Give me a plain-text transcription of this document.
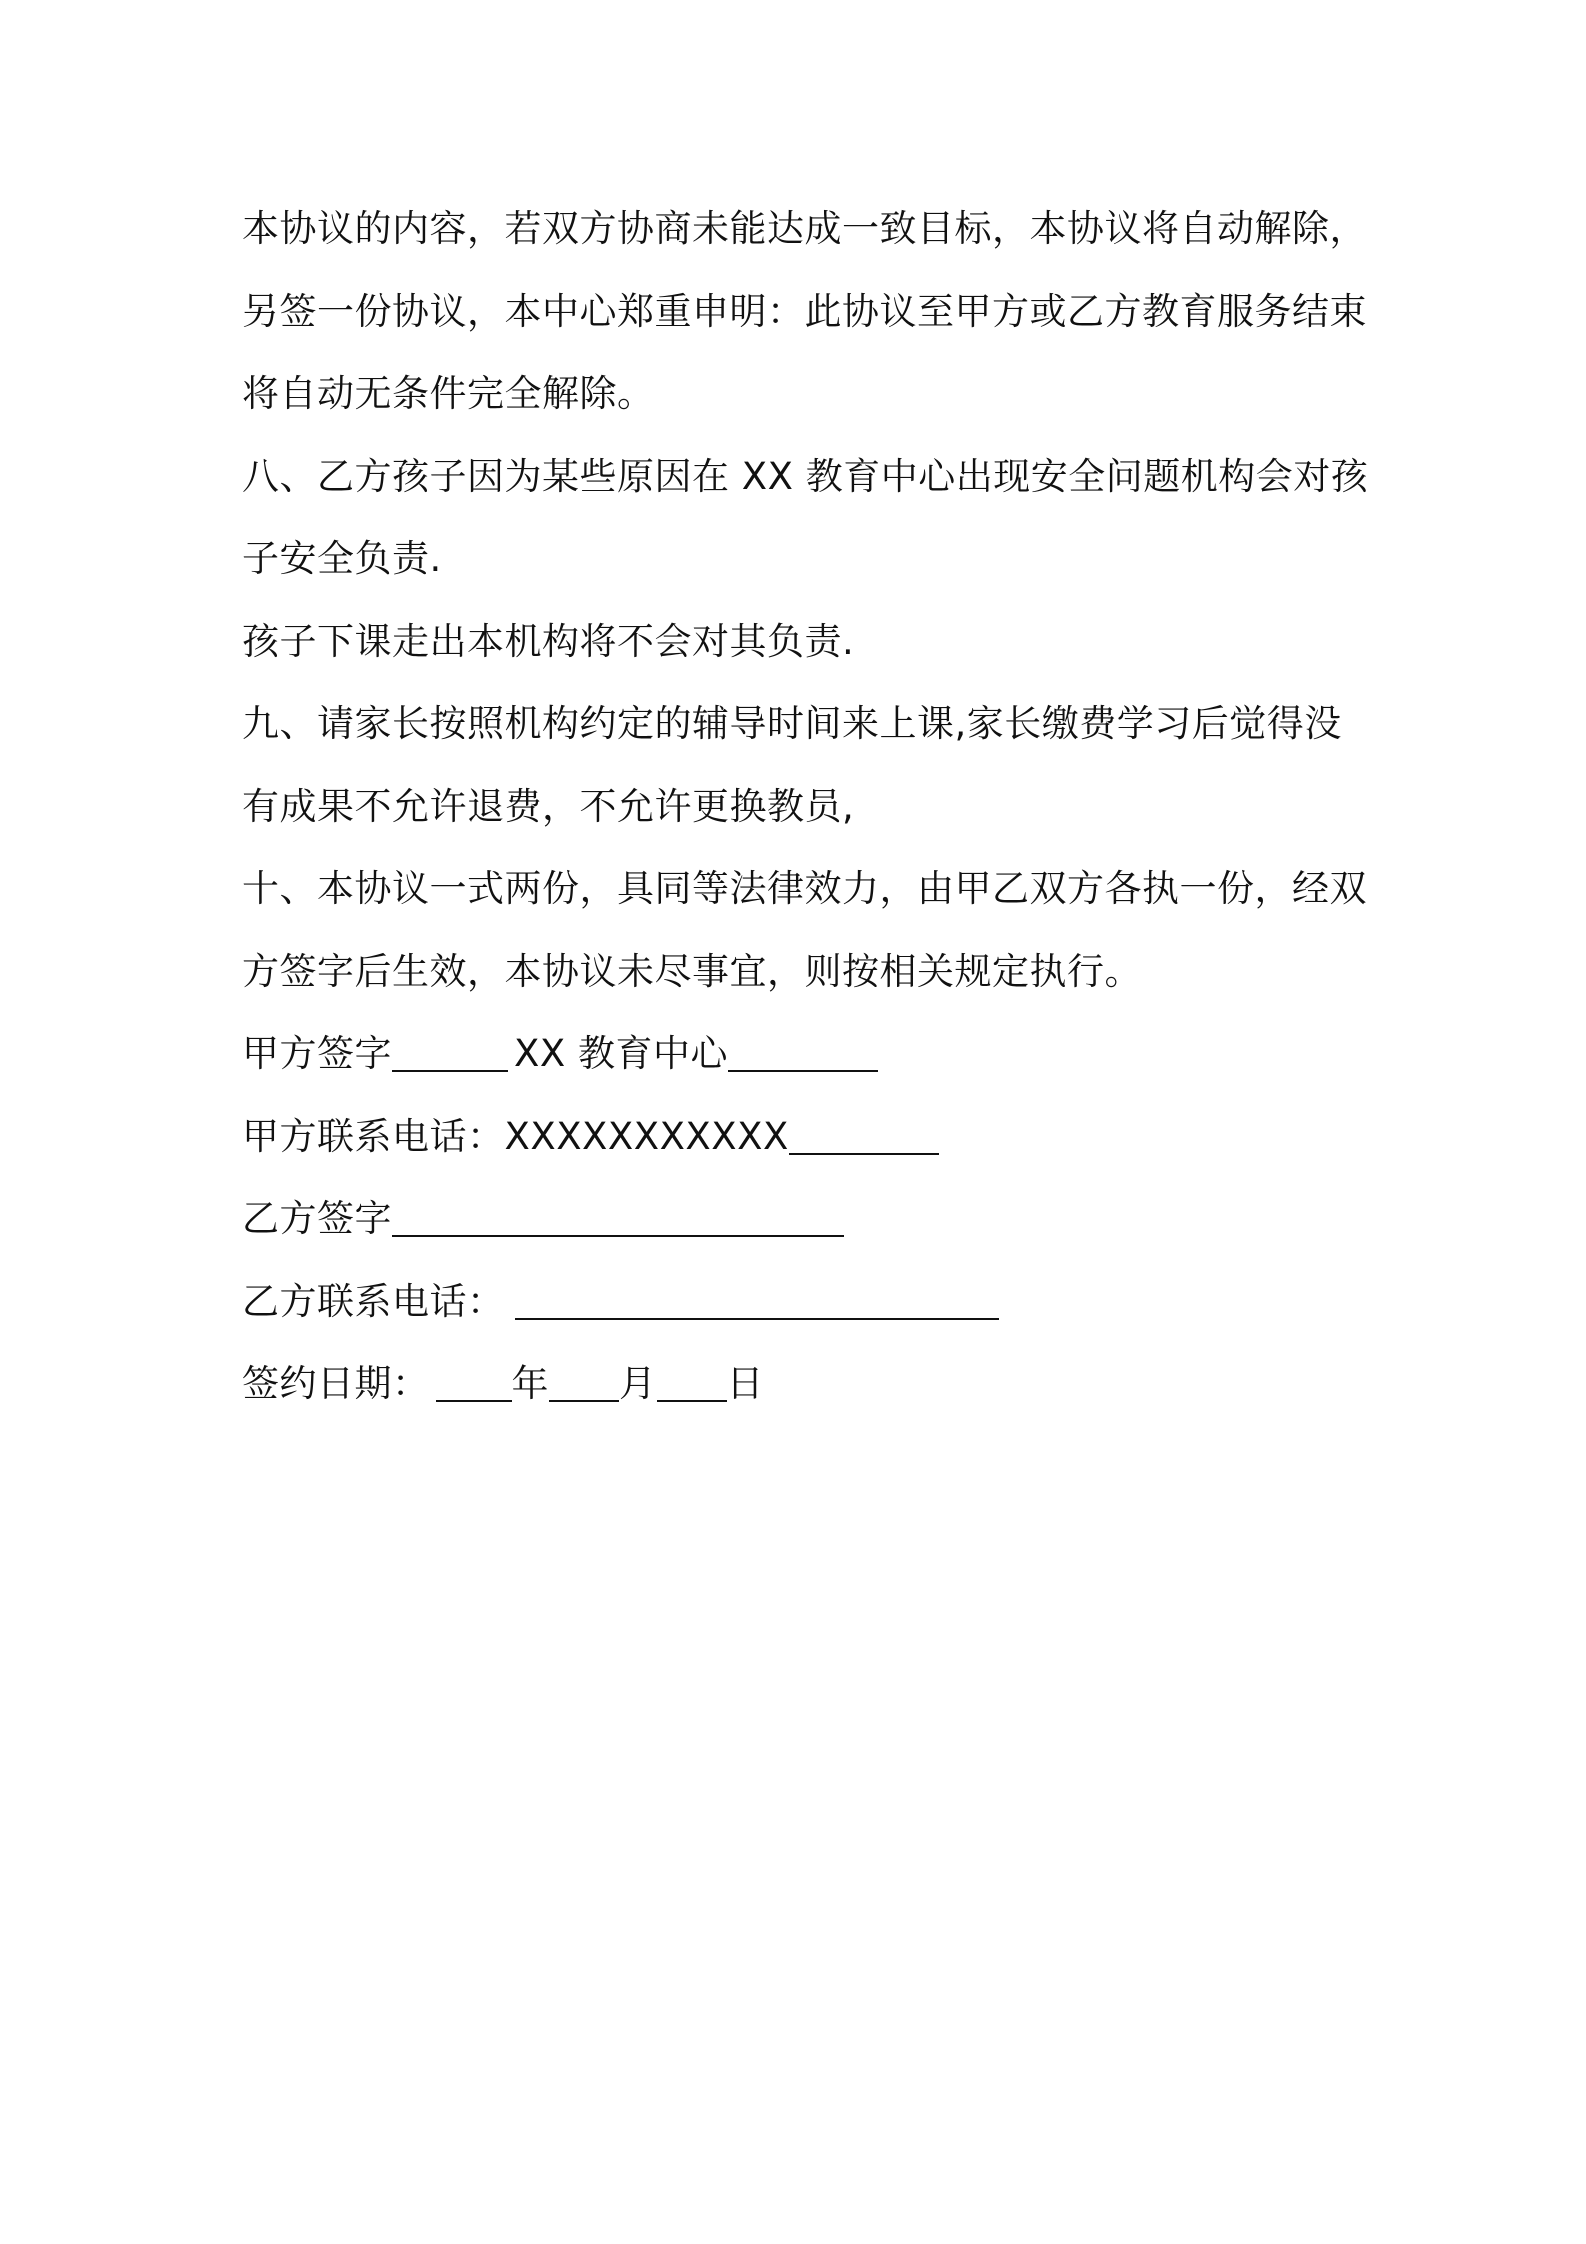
本协议的内容，若双方协商未能达成一致目标，本协议将自动解除，
另签一份协议，本中心郑重申明：此协议至甲方或乙方教育服务结束
将自动无条件完全解除。
八、乙方孩子因为某些原因在 XX 教育中心出现安全问题机构会对孩
子安全负责.
孩子下课走出本机构将不会对其负责.
九、请家长按照机构约定的辅导时间来上课,家长缴费学习后觉得没
有成果不允许退费，不允许更换教员,
十、本协议一式两份，具同等法律效力，由甲乙双方各执一份，经双
方签字后生效，本协议未尽事宜，则按相关规定执行。
甲方签字	XX 教育中心
甲方联系电话：XXXXXXXXXXX
乙方签字
乙方联系电话：
签约日期： 年 月 日
